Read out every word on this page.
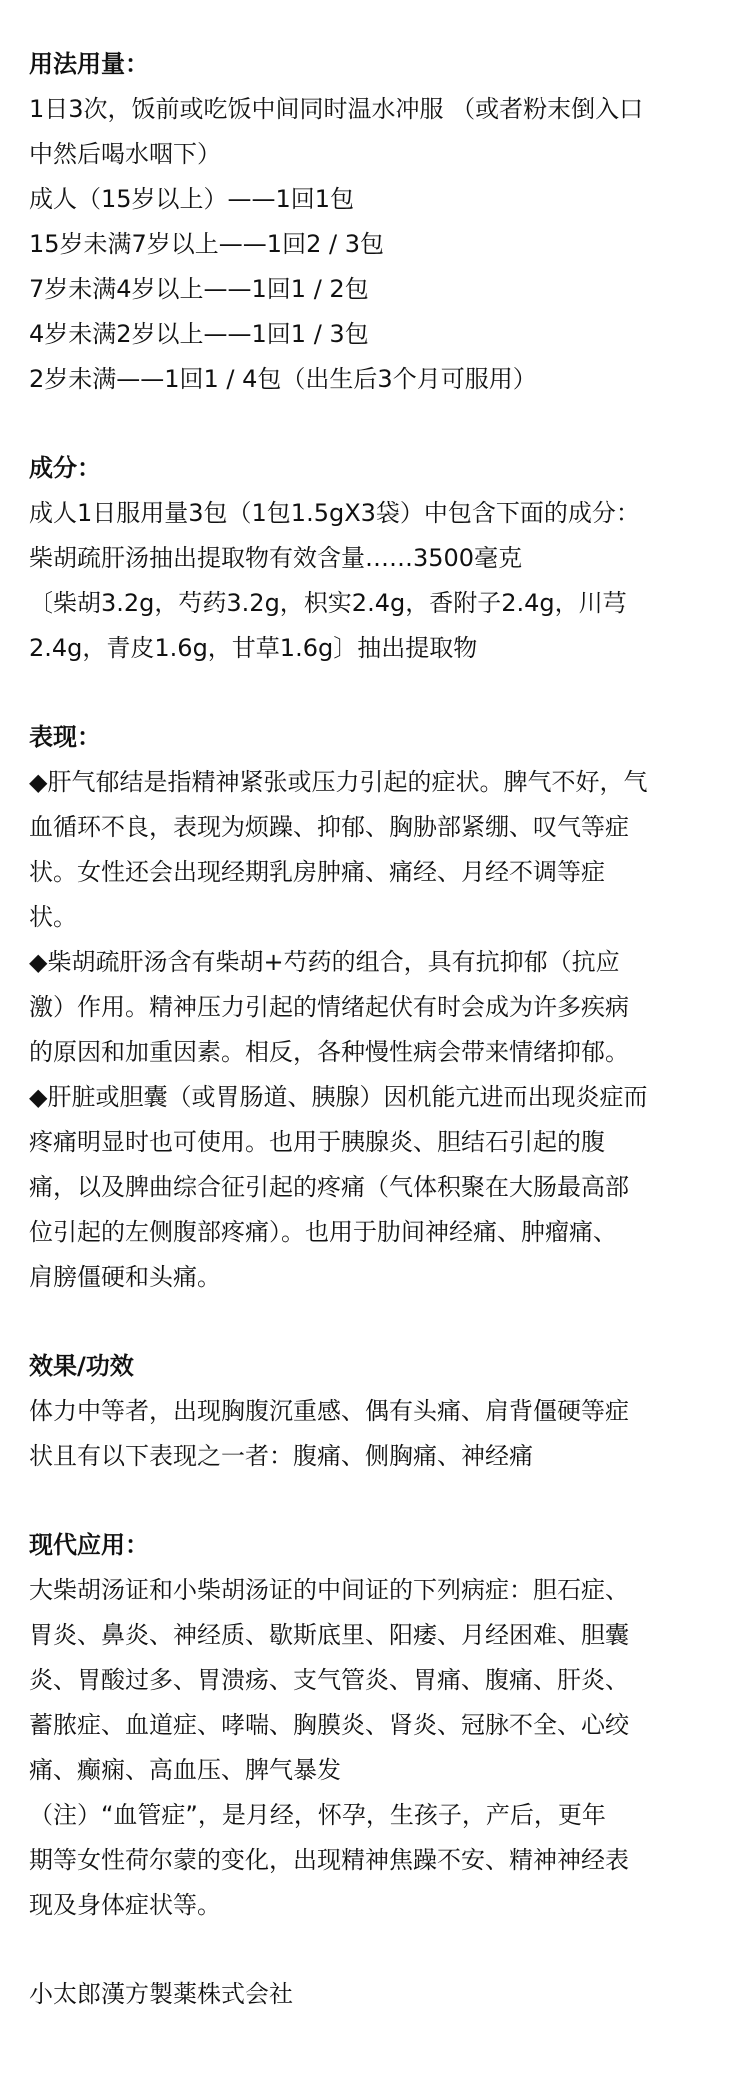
用法用量：
1日3次，饭前或吃饭中间同时温水冲服 （或者粉末倒入口
中然后喝水咽下）
成人（15岁以上）——1回1包
15岁未满7岁以上——1回2 / 3包
7岁未满4岁以上——1回1 / 2包
4岁未满2岁以上——1回1 / 3包
2岁未满——1回1 / 4包（出生后3个月可服用）
成分：
成人1日服用量3包（1包1.5gX3袋）中包含下面的成分：
柴胡疏肝汤抽出提取物有效含量……3500毫克
〔柴胡3.2g，芍药3.2g，枳实2.4g，香附子2.4g，川芎
2.4g，青皮1.6g，甘草1.6g〕抽出提取物
表现：
◆肝气郁结是指精神紧张或压力引起的症状。脾气不好，气
血循环不良，表现为烦躁、抑郁、胸胁部紧绷、叹气等症
状。女性还会出现经期乳房肿痛、痛经、月经不调等症
状。
◆柴胡疏肝汤含有柴胡+芍药的组合，具有抗抑郁（抗应
激）作用。精神压力引起的情绪起伏有时会成为许多疾病
的原因和加重因素。相反，各种慢性病会带来情绪抑郁。
◆肝脏或胆囊（或胃肠道、胰腺）因机能亢进而出现炎症而
疼痛明显时也可使用。也用于胰腺炎、胆结石引起的腹
痛，以及脾曲综合征引起的疼痛（气体积聚在大肠最高部
位引起的左侧腹部疼痛）。也用于肋间神经痛、肿瘤痛、
肩膀僵硬和头痛。
效果/功效
体力中等者，出现胸腹沉重感、偶有头痛、肩背僵硬等症
状且有以下表现之一者：腹痛、侧胸痛、神经痛
现代应用：
大柴胡汤证和小柴胡汤证的中间证的下列病症：胆石症、
胃炎、鼻炎、神经质、歇斯底里、阳痿、月经困难、胆囊
炎、胃酸过多、胃溃疡、支气管炎、胃痛、腹痛、肝炎、
蓄脓症、血道症、哮喘、胸膜炎、肾炎、冠脉不全、心绞
痛、癫痫、高血压、脾气暴发
（注）“血管症”，是月经，怀孕，生孩子，产后，更年
期等女性荷尔蒙的变化，出现精神焦躁不安、精神神经表
现及身体症状等。
小太郎漢方製薬株式会社
